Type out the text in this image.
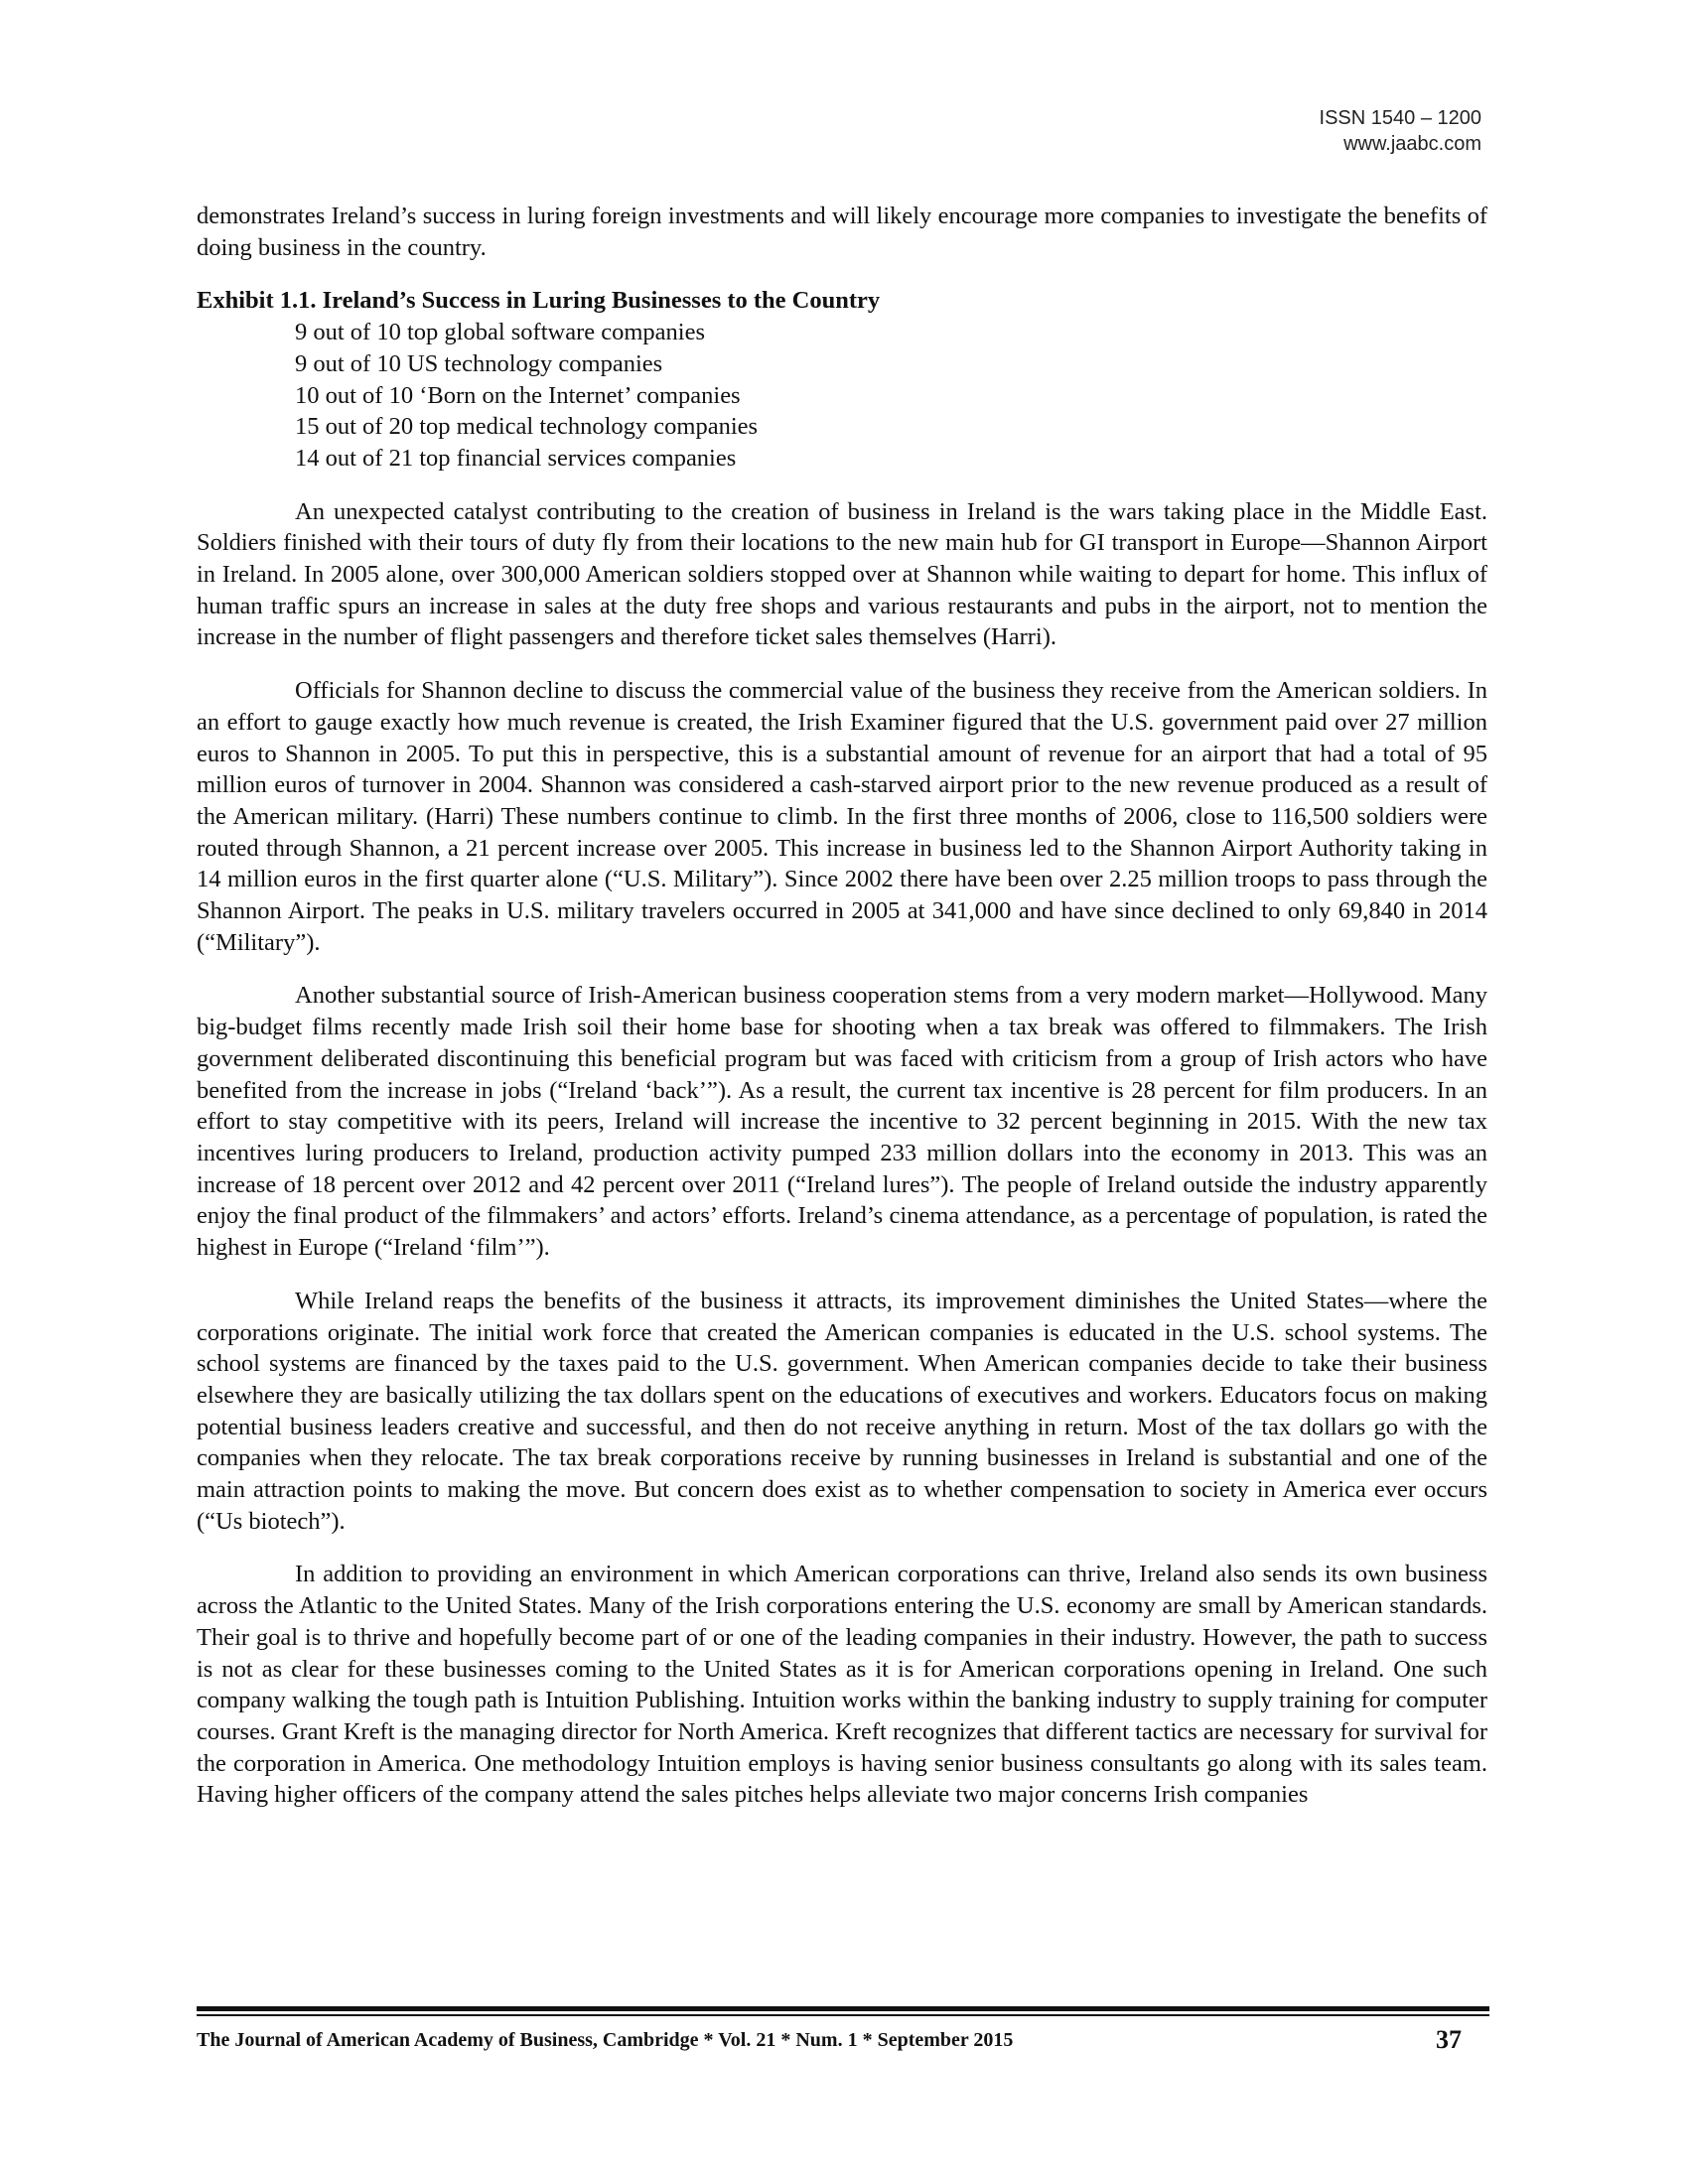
ISSN 1540 – 1200
www.jaabc.com

demonstrates Ireland’s success in luring foreign investments and will likely encourage more companies to investigate the benefits of doing business in the country.

Exhibit 1.1. Ireland’s Success in Luring Businesses to the Country
9 out of 10 top global software companies
9 out of 10 US technology companies
10 out of 10 ‘Born on the Internet’ companies
15 out of 20 top medical technology companies
14 out of 21 top financial services companies

An unexpected catalyst contributing to the creation of business in Ireland is the wars taking place in the Middle East. Soldiers finished with their tours of duty fly from their locations to the new main hub for GI transport in Europe—Shannon Airport in Ireland. In 2005 alone, over 300,000 American soldiers stopped over at Shannon while waiting to depart for home. This influx of human traffic spurs an increase in sales at the duty free shops and various restaurants and pubs in the airport, not to mention the increase in the number of flight passengers and therefore ticket sales themselves (Harri).

Officials for Shannon decline to discuss the commercial value of the business they receive from the American soldiers. In an effort to gauge exactly how much revenue is created, the Irish Examiner figured that the U.S. government paid over 27 million euros to Shannon in 2005. To put this in perspective, this is a substantial amount of revenue for an airport that had a total of 95 million euros of turnover in 2004. Shannon was considered a cash-starved airport prior to the new revenue produced as a result of the American military. (Harri) These numbers continue to climb. In the first three months of 2006, close to 116,500 soldiers were routed through Shannon, a 21 percent increase over 2005. This increase in business led to the Shannon Airport Authority taking in 14 million euros in the first quarter alone (“U.S. Military”). Since 2002 there have been over 2.25 million troops to pass through the Shannon Airport. The peaks in U.S. military travelers occurred in 2005 at 341,000 and have since declined to only 69,840 in 2014 (“Military”).

Another substantial source of Irish-American business cooperation stems from a very modern market—Hollywood. Many big-budget films recently made Irish soil their home base for shooting when a tax break was offered to filmmakers. The Irish government deliberated discontinuing this beneficial program but was faced with criticism from a group of Irish actors who have benefited from the increase in jobs (“Ireland ‘back’”). As a result, the current tax incentive is 28 percent for film producers. In an effort to stay competitive with its peers, Ireland will increase the incentive to 32 percent beginning in 2015. With the new tax incentives luring producers to Ireland, production activity pumped 233 million dollars into the economy in 2013. This was an increase of 18 percent over 2012 and 42 percent over 2011 (“Ireland lures”). The people of Ireland outside the industry apparently enjoy the final product of the filmmakers’ and actors’ efforts. Ireland’s cinema attendance, as a percentage of population, is rated the highest in Europe (“Ireland ‘film’”).

While Ireland reaps the benefits of the business it attracts, its improvement diminishes the United States—where the corporations originate. The initial work force that created the American companies is educated in the U.S. school systems. The school systems are financed by the taxes paid to the U.S. government. When American companies decide to take their business elsewhere they are basically utilizing the tax dollars spent on the educations of executives and workers. Educators focus on making potential business leaders creative and successful, and then do not receive anything in return. Most of the tax dollars go with the companies when they relocate. The tax break corporations receive by running businesses in Ireland is substantial and one of the main attraction points to making the move. But concern does exist as to whether compensation to society in America ever occurs (“Us biotech”).

In addition to providing an environment in which American corporations can thrive, Ireland also sends its own business across the Atlantic to the United States. Many of the Irish corporations entering the U.S. economy are small by American standards. Their goal is to thrive and hopefully become part of or one of the leading companies in their industry. However, the path to success is not as clear for these businesses coming to the United States as it is for American corporations opening in Ireland. One such company walking the tough path is Intuition Publishing. Intuition works within the banking industry to supply training for computer courses. Grant Kreft is the managing director for North America. Kreft recognizes that different tactics are necessary for survival for the corporation in America. One methodology Intuition employs is having senior business consultants go along with its sales team. Having higher officers of the company attend the sales pitches helps alleviate two major concerns Irish companies

The Journal of American Academy of Business, Cambridge * Vol. 21 * Num. 1 * September 2015	37
